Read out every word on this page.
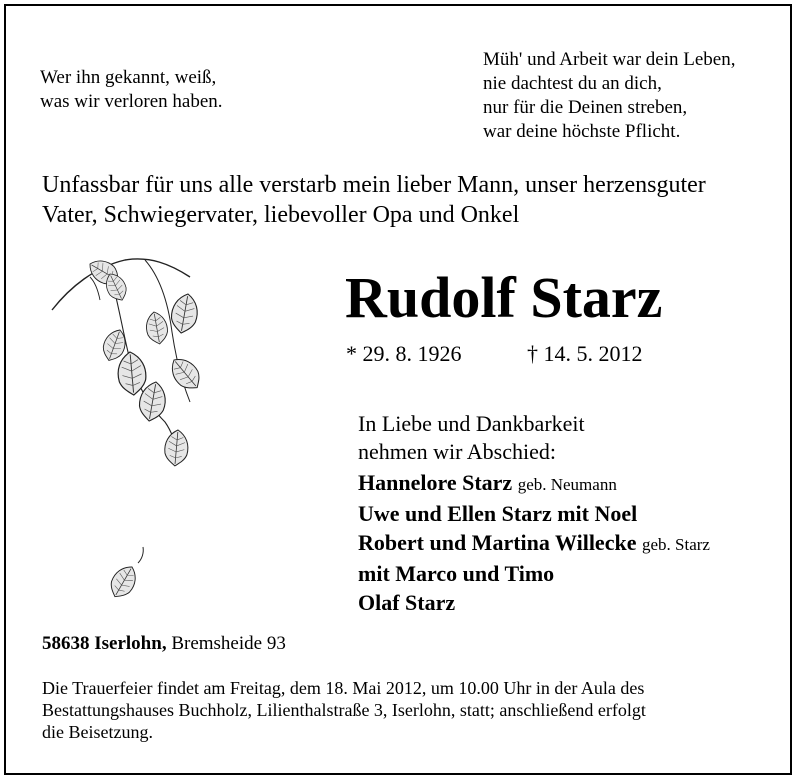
Wer ihn gekannt, weiß,
was wir verloren haben.
Müh' und Arbeit war dein Leben,
nie dachtest du an dich,
nur für die Deinen streben,
war deine höchste Pflicht.
Unfassbar für uns alle verstarb mein lieber Mann, unser herzensguter
Vater, Schwiegervater, liebevoller Opa und Onkel
Rudolf Starz
* 29. 8. 1926	† 14. 5. 2012
In Liebe und Dankbarkeit
nehmen wir Abschied:
Hannelore Starz geb. Neumann
Uwe und Ellen Starz mit Noel
Robert und Martina Willecke geb. Starz
mit Marco und Timo
Olaf Starz
58638 Iserlohn, Bremsheide 93
Die Trauerfeier findet am Freitag, dem 18. Mai 2012, um 10.00 Uhr in der Aula des
Bestattungshauses Buchholz, Lilienthalstraße 3, Iserlohn, statt; anschließend erfolgt
die Beisetzung.
